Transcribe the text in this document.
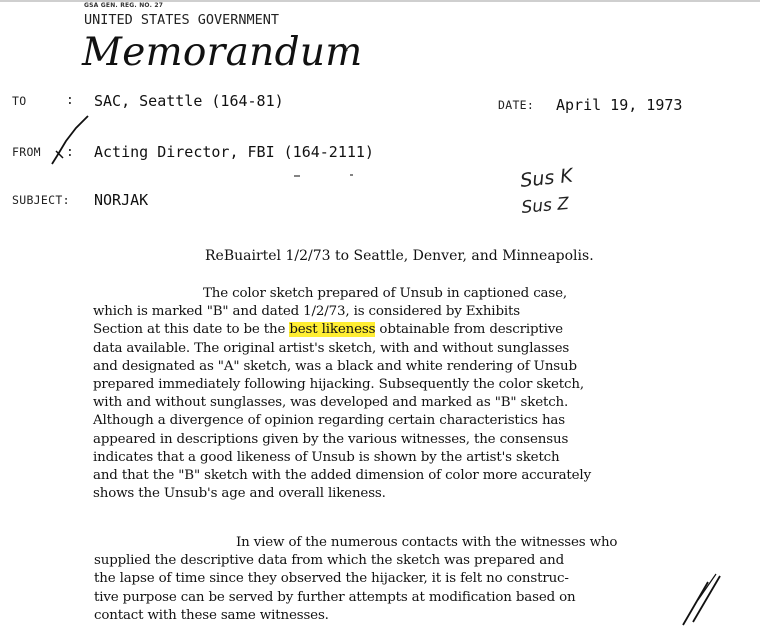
GSA GEN. REG. NO. 27
UNITED STATES GOVERNMENT
Memorandum
TO	: SAC, Seattle (164-81)	DATE: April 19, 1973
FROM : Acting Director, FBI (164-2111)
SUBJECT: NORJAK
Sus K
Sus Z
ReBuairtel 1/2/73 to Seattle, Denver, and Minneapolis.
The color sketch prepared of Unsub in captioned case,
which is marked "B" and dated 1/2/73, is considered by Exhibits
Section at this date to be the best likeness obtainable from descriptive
data available. The original artist's sketch, with and without sunglasses
and designated as "A" sketch, was a black and white rendering of Unsub
prepared immediately following hijacking. Subsequently the color sketch,
with and without sunglasses, was developed and marked as "B" sketch.
Although a divergence of opinion regarding certain characteristics has
appeared in descriptions given by the various witnesses, the consensus
indicates that a good likeness of Unsub is shown by the artist's sketch
and that the "B" sketch with the added dimension of color more accurately
shows the Unsub's age and overall likeness.
In view of the numerous contacts with the witnesses who
supplied the descriptive data from which the sketch was prepared and
the lapse of time since they observed the hijacker, it is felt no construc-
tive purpose can be served by further attempts at modification based on
contact with these same witnesses.
